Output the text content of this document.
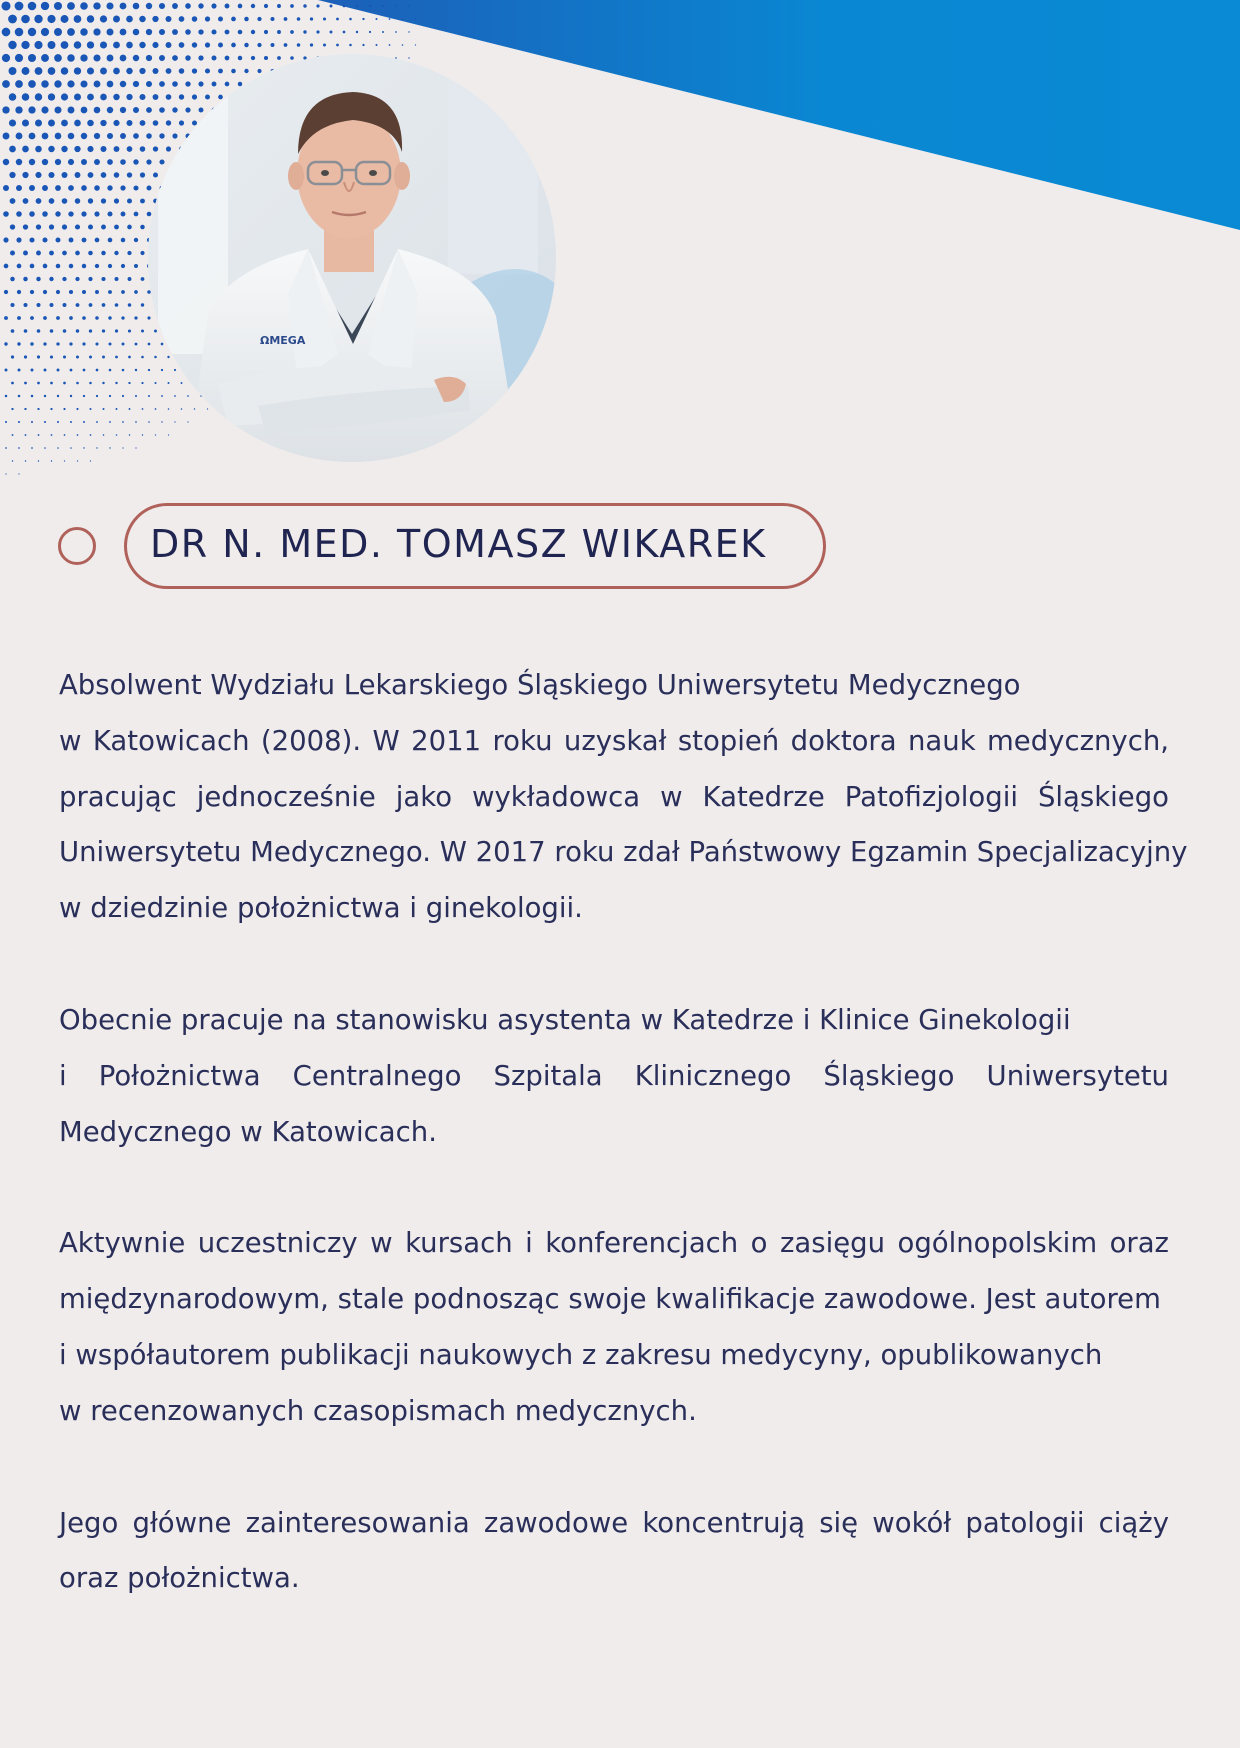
ΩMEGA
DR N. MED. TOMASZ WIKAREK

Absolwent Wydziału Lekarskiego Śląskiego Uniwersytetu Medycznego
w Katowicach (2008). W 2011 roku uzyskał stopień doktora nauk medycznych,
pracując jednocześnie jako wykładowca w Katedrze Patofizjologii Śląskiego
Uniwersytetu Medycznego. W 2017 roku zdał Państwowy Egzamin Specjalizacyjny
w dziedzinie położnictwa i ginekologii.

Obecnie pracuje na stanowisku asystenta w Katedrze i Klinice Ginekologii
i Położnictwa Centralnego Szpitala Klinicznego Śląskiego Uniwersytetu
Medycznego w Katowicach.

Aktywnie uczestniczy w kursach i konferencjach o zasięgu ogólnopolskim oraz
międzynarodowym, stale podnosząc swoje kwalifikacje zawodowe. Jest autorem
i współautorem publikacji naukowych z zakresu medycyny, opublikowanych
w recenzowanych czasopismach medycznych.

Jego główne zainteresowania zawodowe koncentrują się wokół patologii ciąży
oraz położnictwa.
